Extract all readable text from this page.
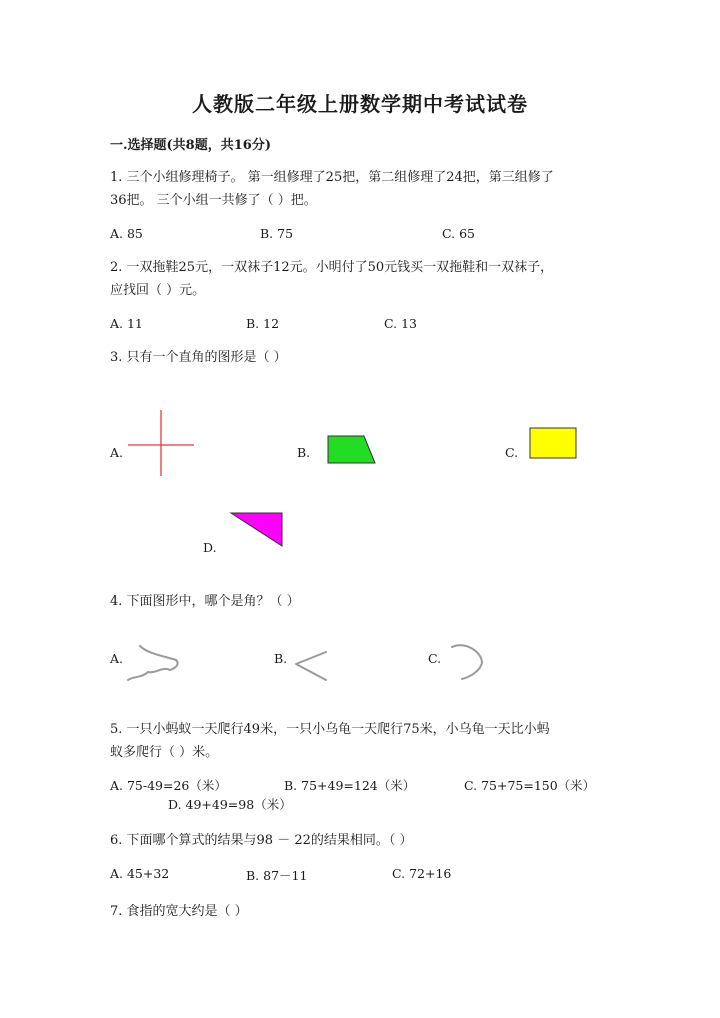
人教版二年级上册数学期中考试试卷
一.选择题(共8题，共16分)
1. 三个小组修理椅子。 第一组修理了25把，第二组修理了24把，第三组修了
36把。 三个小组一共修了（ ）把。
A. 85	B. 75	C. 65
2. 一双拖鞋25元，一双袜子12元。小明付了50元钱买一双拖鞋和一双袜子，
应找回（ ）元。
A. 11	B. 12	C. 13
3. 只有一个直角的图形是（ ）
A.	B.	C.
D.
4. 下面图形中，哪个是角？（ ）
A.	B.	C.
5. 一只小蚂蚁一天爬行49米，一只小乌龟一天爬行75米，小乌龟一天比小蚂
蚁多爬行（ ）米。
A. 75-49=26（米）	B. 75+49=124（米）	C. 75+75=150（米）
D. 49+49=98（米）
6. 下面哪个算式的结果与98 － 22的结果相同。（ ）
A. 45+32	B. 87－11	C. 72+16
7. 食指的宽大约是（ ）
